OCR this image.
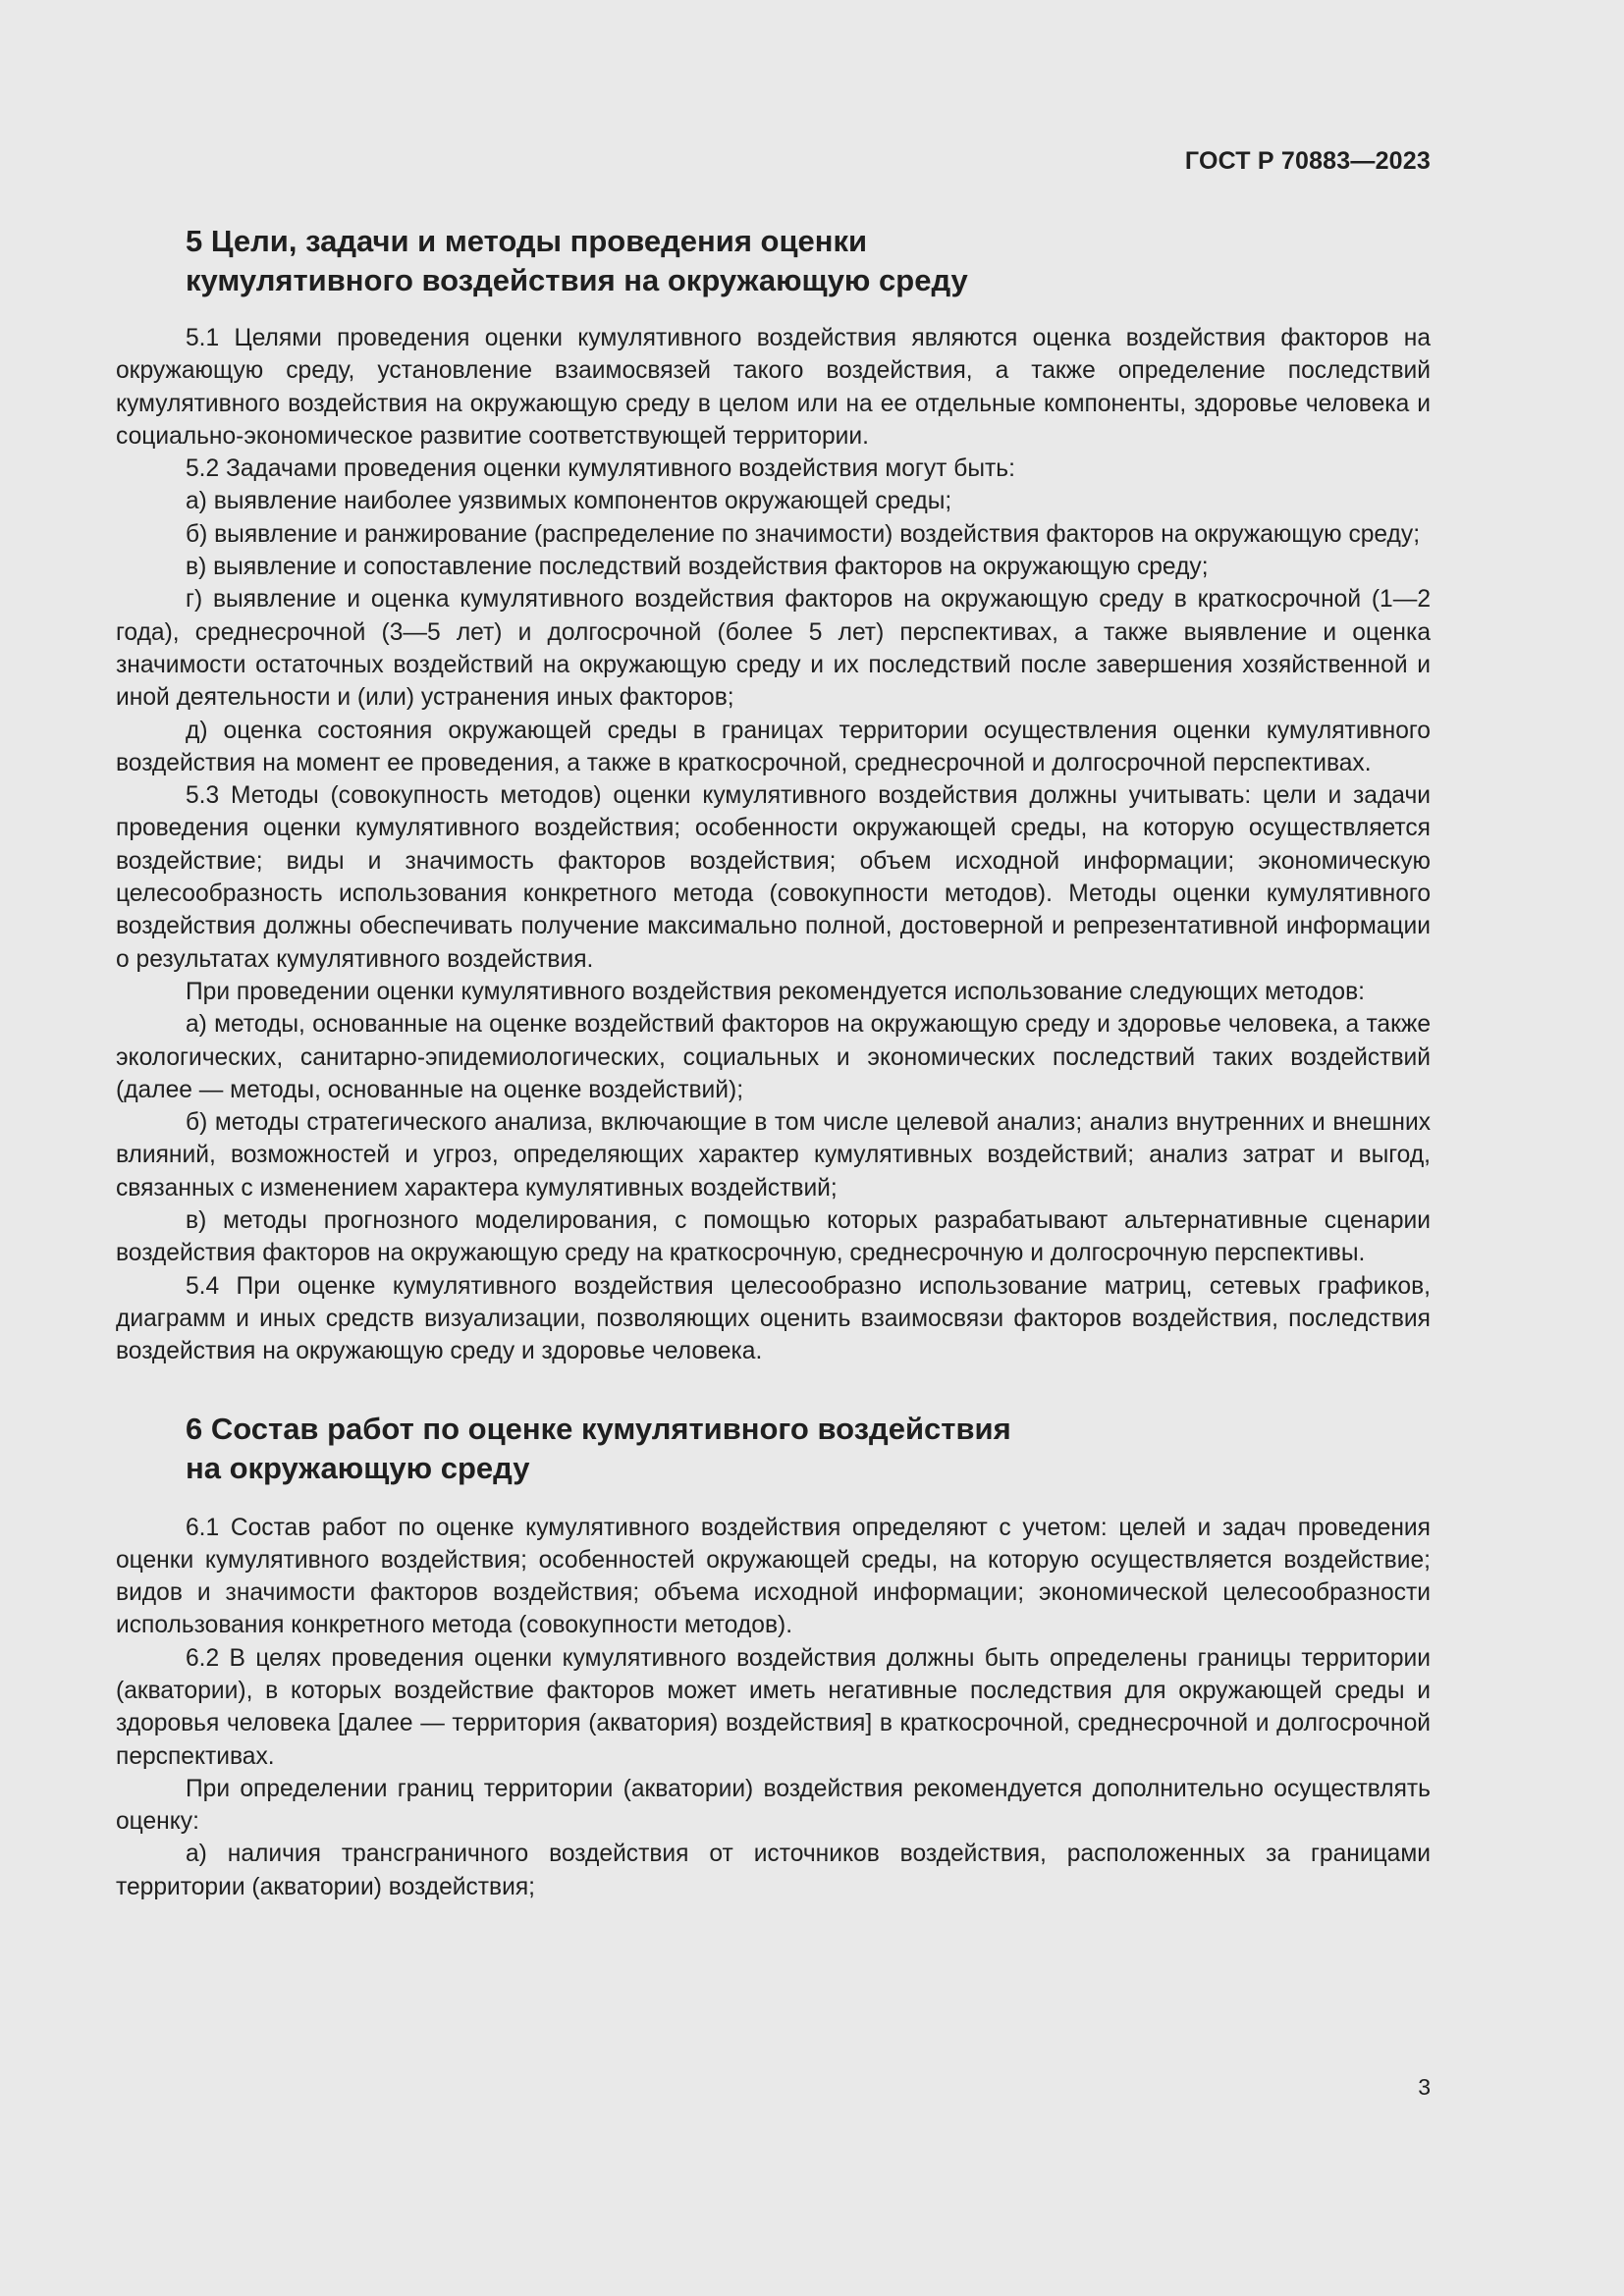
ГОСТ Р 70883—2023
5 Цели, задачи и методы проведения оценки
кумулятивного воздействия на окружающую среду

5.1 Целями проведения оценки кумулятивного воздействия являются оценка воздействия факторов на окружающую среду, установление взаимосвязей такого воздействия, а также определение последствий кумулятивного воздействия на окружающую среду в целом или на ее отдельные компоненты, здоровье человека и социально-экономическое развитие соответствующей территории.

5.2 Задачами проведения оценки кумулятивного воздействия могут быть:

а) выявление наиболее уязвимых компонентов окружающей среды;

б) выявление и ранжирование (распределение по значимости) воздействия факторов на окружающую среду;

в) выявление и сопоставление последствий воздействия факторов на окружающую среду;

г) выявление и оценка кумулятивного воздействия факторов на окружающую среду в краткосрочной (1—2 года), среднесрочной (3—5 лет) и долгосрочной (более 5 лет) перспективах, а также выявление и оценка значимости остаточных воздействий на окружающую среду и их последствий после завершения хозяйственной и иной деятельности и (или) устранения иных факторов;

д) оценка состояния окружающей среды в границах территории осуществления оценки кумулятивного воздействия на момент ее проведения, а также в краткосрочной, среднесрочной и долгосрочной перспективах.

5.3 Методы (совокупность методов) оценки кумулятивного воздействия должны учитывать: цели и задачи проведения оценки кумулятивного воздействия; особенности окружающей среды, на которую осуществляется воздействие; виды и значимость факторов воздействия; объем исходной информации; экономическую целесообразность использования конкретного метода (совокупности методов). Методы оценки кумулятивного воздействия должны обеспечивать получение максимально полной, достоверной и репрезентативной информации о результатах кумулятивного воздействия.

При проведении оценки кумулятивного воздействия рекомендуется использование следующих методов:

а) методы, основанные на оценке воздействий факторов на окружающую среду и здоровье человека, а также экологических, санитарно-эпидемиологических, социальных и экономических последствий таких воздействий (далее — методы, основанные на оценке воздействий);

б) методы стратегического анализа, включающие в том числе целевой анализ; анализ внутренних и внешних влияний, возможностей и угроз, определяющих характер кумулятивных воздействий; анализ затрат и выгод, связанных с изменением характера кумулятивных воздействий;

в) методы прогнозного моделирования, с помощью которых разрабатывают альтернативные сценарии воздействия факторов на окружающую среду на краткосрочную, среднесрочную и долгосрочную перспективы.

5.4 При оценке кумулятивного воздействия целесообразно использование матриц, сетевых графиков, диаграмм и иных средств визуализации, позволяющих оценить взаимосвязи факторов воздействия, последствия воздействия на окружающую среду и здоровье человека.

6 Состав работ по оценке кумулятивного воздействия
на окружающую среду

6.1 Состав работ по оценке кумулятивного воздействия определяют с учетом: целей и задач проведения оценки кумулятивного воздействия; особенностей окружающей среды, на которую осуществляется воздействие; видов и значимости факторов воздействия; объема исходной информации; экономической целесообразности использования конкретного метода (совокупности методов).

6.2 В целях проведения оценки кумулятивного воздействия должны быть определены границы территории (акватории), в которых воздействие факторов может иметь негативные последствия для окружающей среды и здоровья человека [далее — территория (акватория) воздействия] в краткосрочной, среднесрочной и долгосрочной перспективах.

При определении границ территории (акватории) воздействия рекомендуется дополнительно осуществлять оценку:

а) наличия трансграничного воздействия от источников воздействия, расположенных за границами территории (акватории) воздействия;

3
